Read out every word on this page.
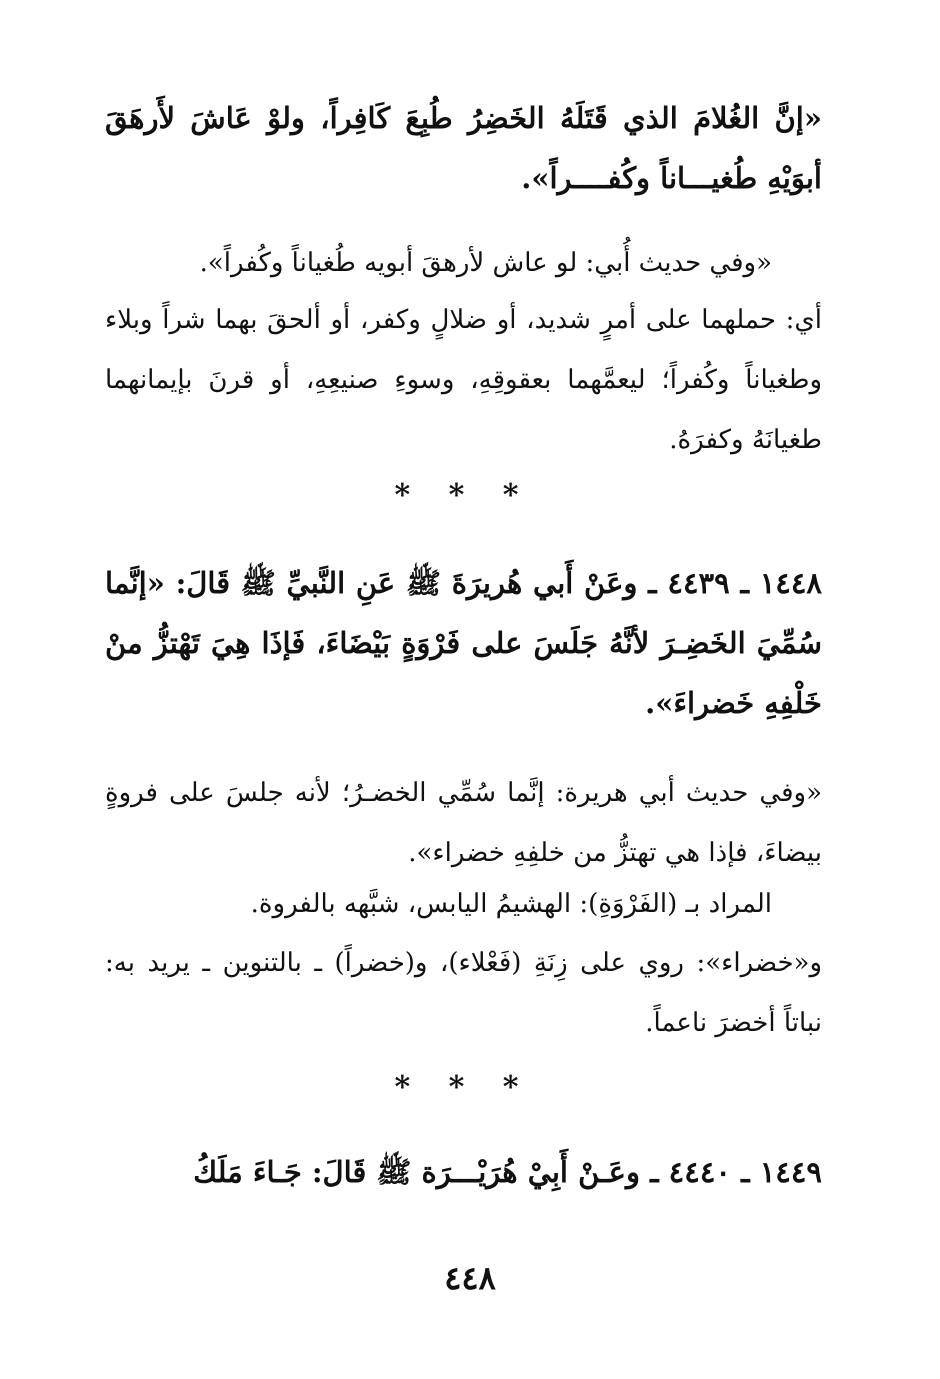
«إنَّ الغُلامَ الذي قَتَلَهُ الخَضِرُ طُبِعَ كَافِراً، ولوْ عَاشَ لأَرهَقَ أبوَيْهِ طُغيـــاناً وكُفــــراً».

«وفي حديث أُبي: لو عاش لأرهقَ أبويه طُغياناً وكُفراً».

أي: حملهما على أمرٍ شديد، أو ضلالٍ وكفر، أو ألحقَ بهما شراً وبلاء وطغياناً وكُفراً؛ ليعمَّهما بعقوقِهِ، وسوءِ صنيعِهِ، أو قرنَ بإيمانهما طغيانَهُ وكفرَهُ.

* * *

١٤٤٨ ـ ٤٤٣٩ ـ وعَنْ أَبي هُريرَةَ ﷺ عَنِ النَّبيِّ ﷺ قَالَ: «إنَّما سُمِّيَ الخَضِـرَ لأنَّهُ جَلَسَ على فَرْوَةٍ بَيْضَاءَ، فَإذَا هِيَ تَهْتزُّ منْ خَلْفِهِ خَضراءَ».

«وفي حديث أبي هريرة: إنَّما سُمِّي الخضـرُ؛ لأنه جلسَ على فروةٍ بيضاءَ، فإذا هي تهتزُّ من خلفِهِ خضراء».

المراد بـ (الفَرْوَةِ): الهشيمُ اليابس، شبَّهه بالفروة.

و«خضراء»: روي على زِنَةِ (فَعْلاء)، و(خضراً) ـ بالتنوين ـ يريد به: نباتاً أخضرَ ناعماً.

* * *

١٤٤٩ ـ ٤٤٤٠ ـ وعَـنْ أَبِيْ هُرَيْـــرَة ﷺ قَالَ: جَـاءَ مَلَكُ

٤٤٨
